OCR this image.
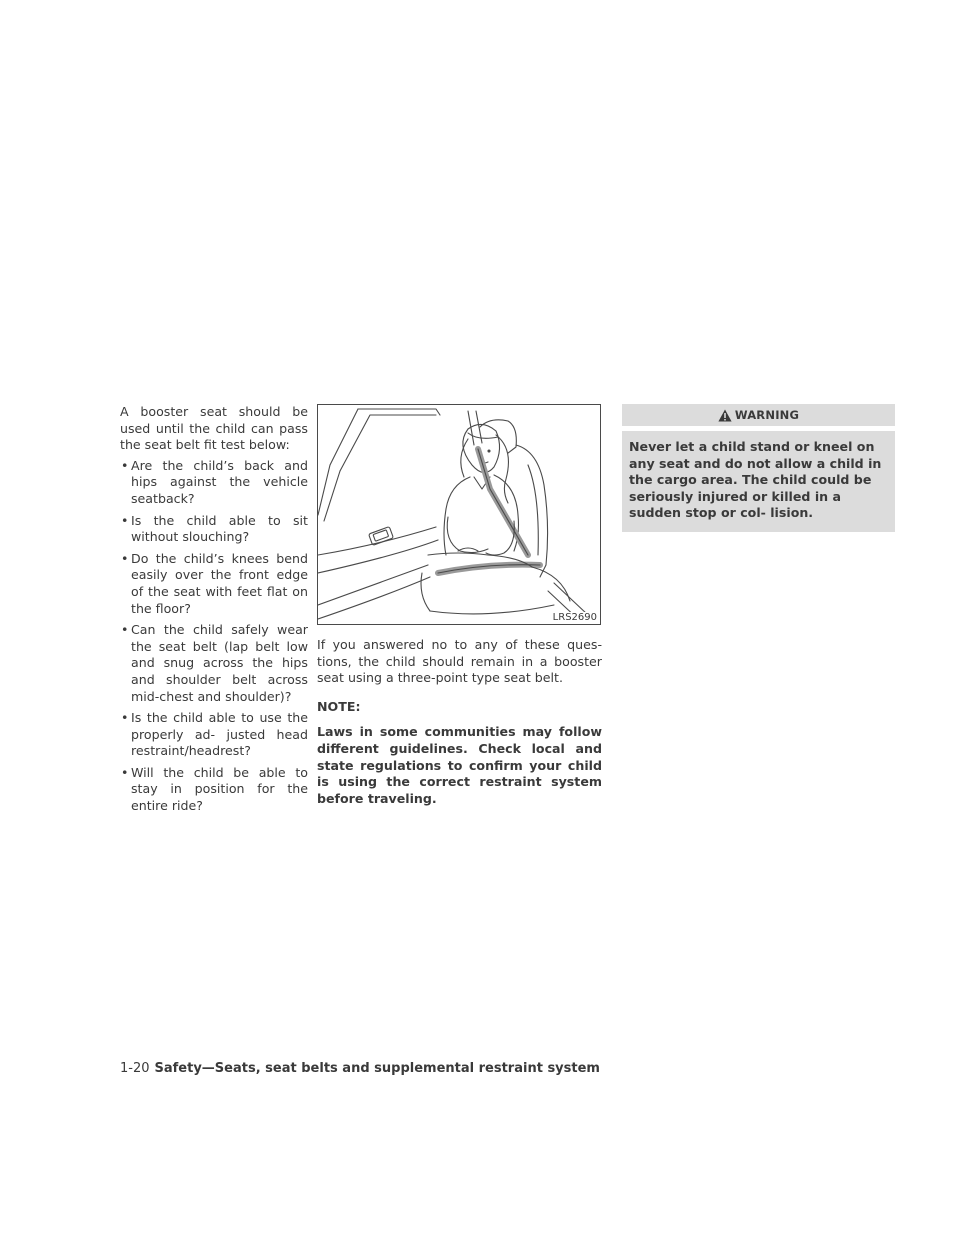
A booster seat should be used until the child can pass the seat belt fit test below:

• Are the child’s back and hips against the vehicle seatback?
• Is the child able to sit without slouching?
• Do the child’s knees bend easily over the front edge of the seat with feet flat on the floor?
• Can the child safely wear the seat belt (lap belt low and snug across the hips and shoulder belt across mid-chest and shoulder)?
• Is the child able to use the properly ad- justed head restraint/headrest?
• Will the child be able to stay in position for the entire ride?
LRS2690

If you answered no to any of these ques- tions, the child should remain in a booster seat using a three-point type seat belt.

NOTE:

Laws in some communities may follow different guidelines. Check local and state regulations to confirm your child is using the correct restraint system before traveling.

WARNING
Never let a child stand or kneel on any seat and do not allow a child in the cargo area. The child could be seriously injured or killed in a sudden stop or col- lision.
1-20 Safety—Seats, seat belts and supplemental restraint system
